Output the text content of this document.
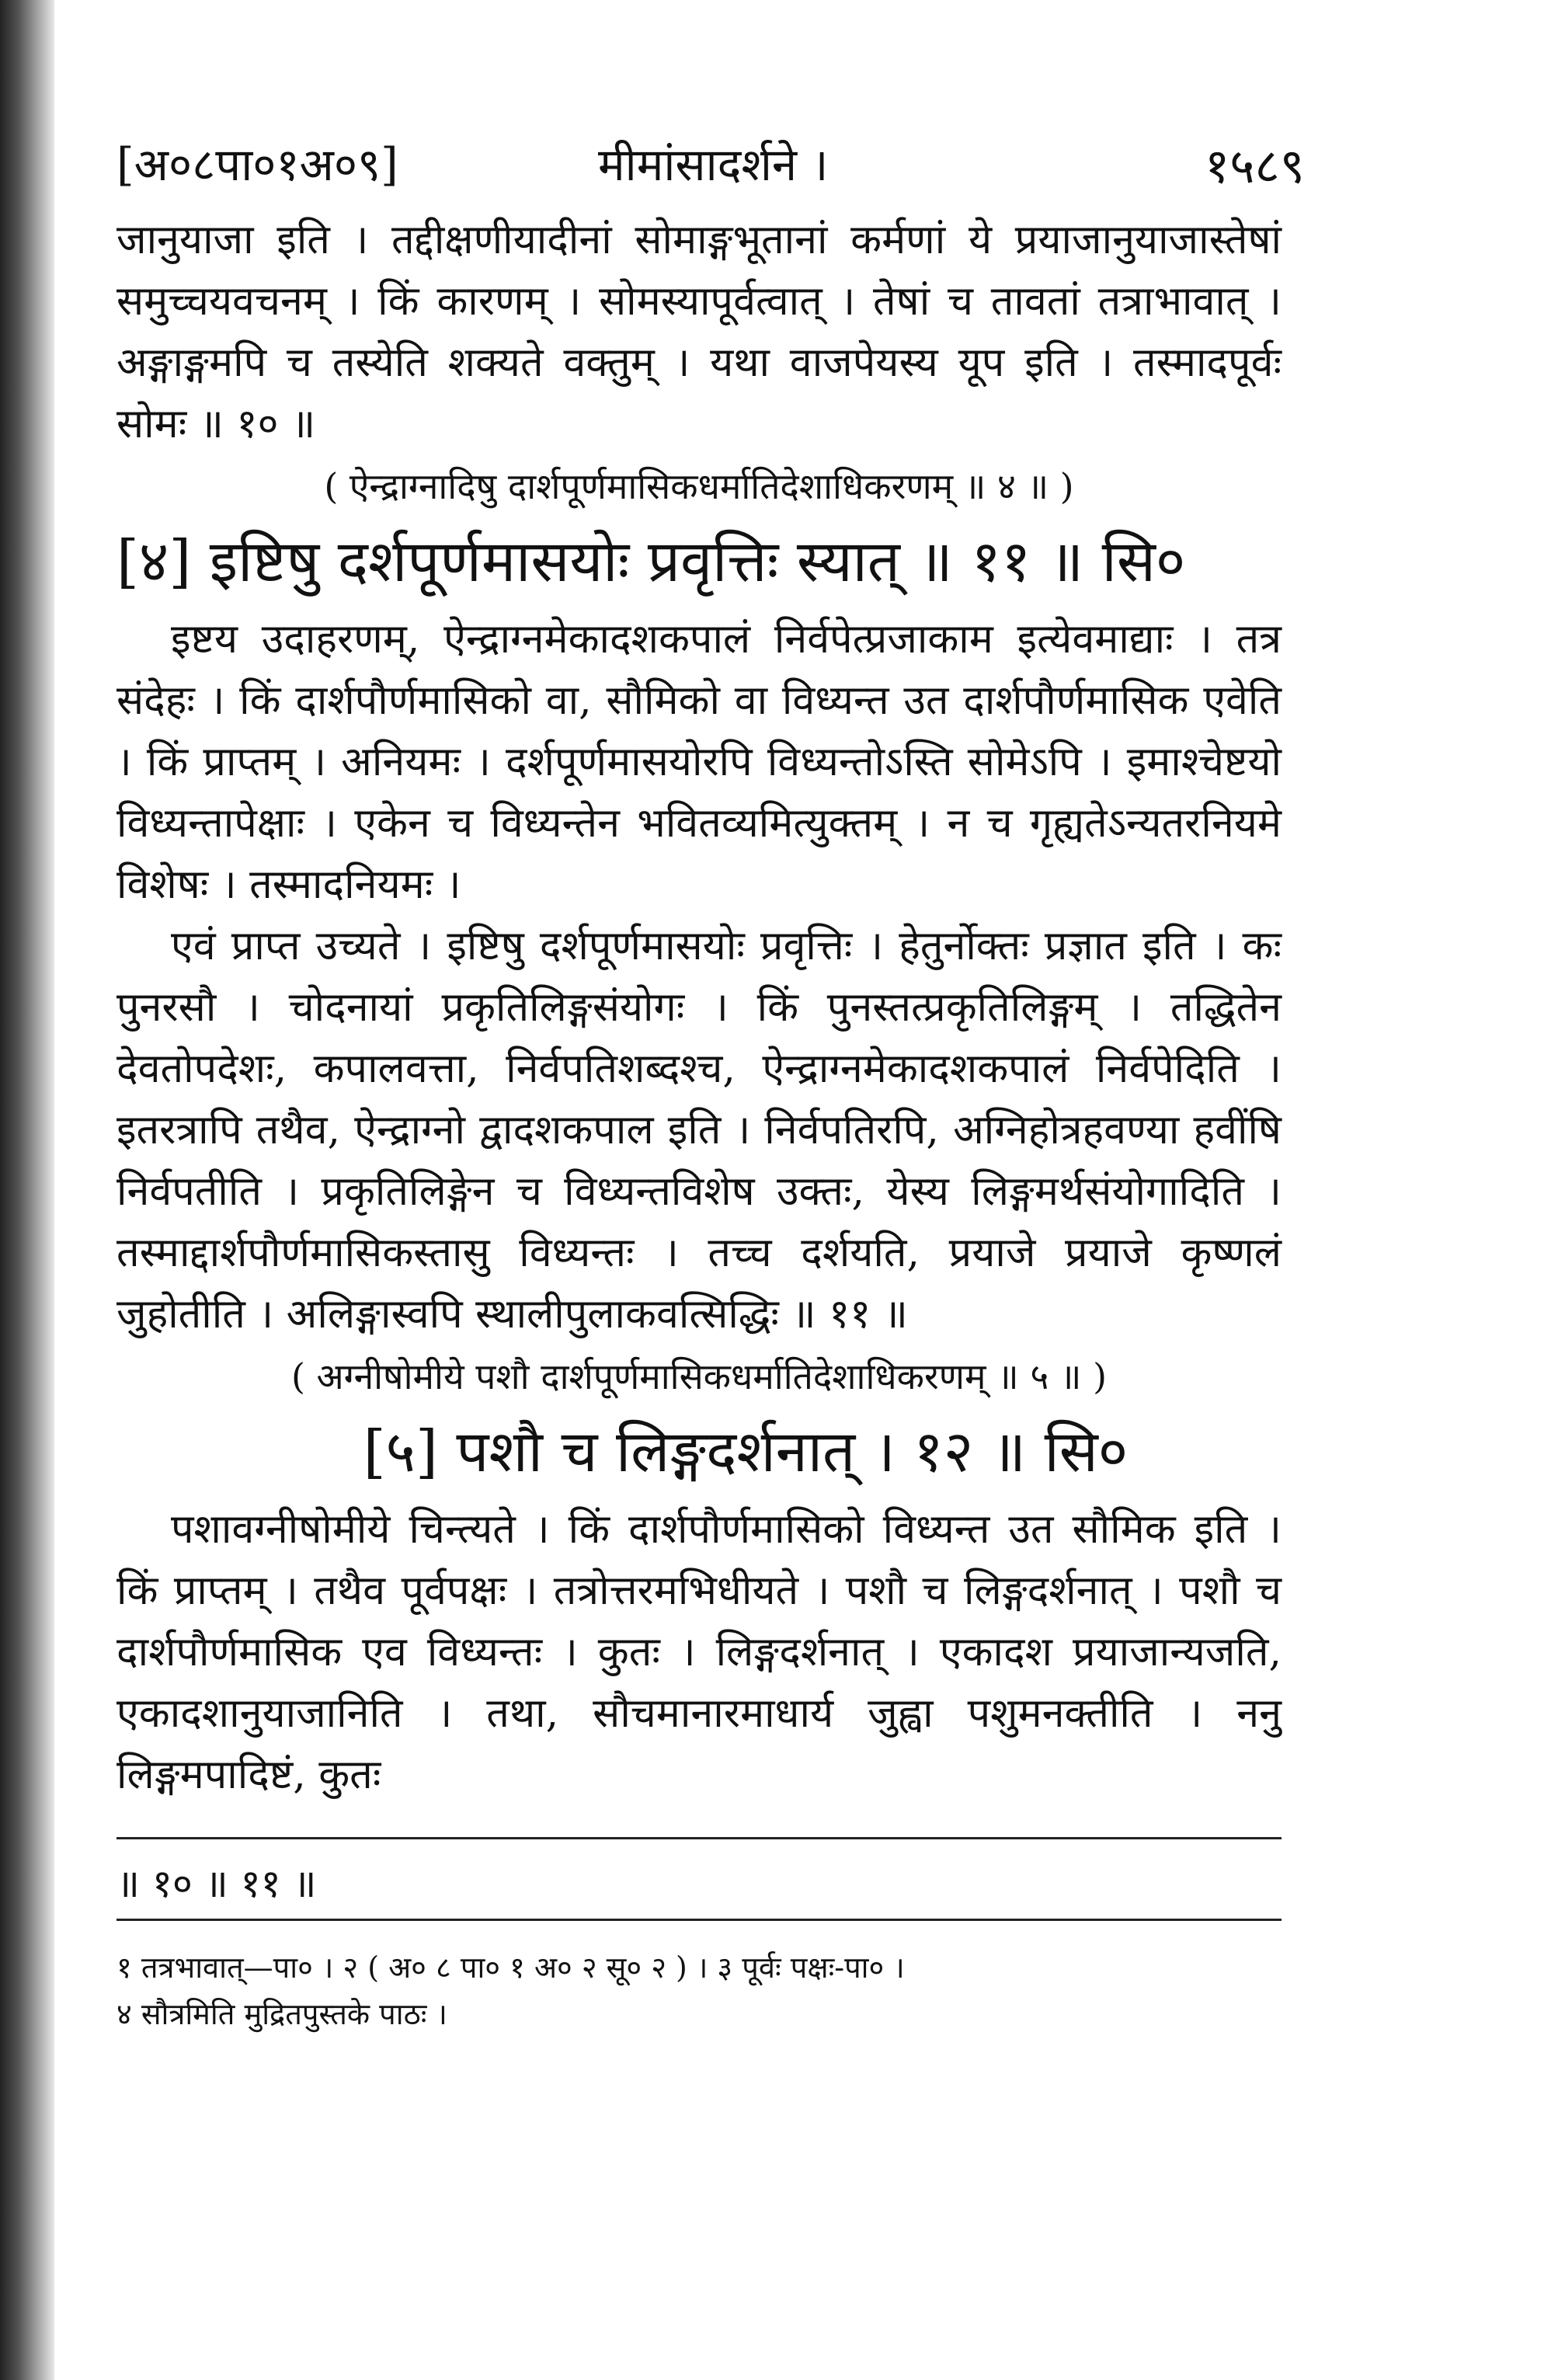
[अ०८पा०१अ०९]	मीमांसादर्शने ।	१५८९

जानुयाजा इति । तद्दीक्षणीयादीनां सोमाङ्गभूतानां कर्मणां ये प्रयाजानुयाजास्तेषां समुच्चयवचनम् । किं कारणम् । सोमस्यापूर्वत्वात् । तेषां च तावतां तत्राभावात् । अङ्गाङ्गमपि च तस्येति शक्यते वक्तुम् । यथा वाजपेयस्य यूप इति । तस्मादपूर्वः सोमः ॥ १० ॥

( ऐन्द्राग्नादिषु दार्शपूर्णमासिकधर्मातिदेशाधिकरणम् ॥ ४ ॥ )
[४] इष्टिषु दर्शपूर्णमासयोः प्रवृत्तिः स्यात् ॥ ११ ॥ सि०

इष्टय उदाहरणम्, ऐन्द्राग्नमेकादशकपालं निर्वपेत्प्रजाकाम इत्येवमाद्याः । तत्र संदेहः । किं दार्शपौर्णमासिको वा, सौमिको वा विध्यन्त उत दार्शपौर्णमासिक एवेति । किं प्राप्तम् । अनियमः । दर्शपूर्णमासयोरपि विध्यन्तोऽस्ति सोमेऽपि । इमाश्चेष्टयो विध्यन्तापेक्षाः । एकेन च विध्यन्तेन भवितव्यमित्युक्तम् । न च गृह्यतेऽन्यतरनियमे विशेषः । तस्मादनियमः ।

एवं प्राप्त उच्यते । इष्टिषु दर्शपूर्णमासयोः प्रवृत्तिः । हेतुर्नोक्तः प्रज्ञात इति । कः पुनरसौ । चोदनायां प्रकृतिलिङ्गसंयोगः । किं पुनस्तत्प्रकृतिलिङ्गम् । तद्धितेन देवतोपदेशः, कपालवत्ता, निर्वपतिशब्दश्च, ऐन्द्राग्नमेकादशकपालं निर्वपेदिति । इतरत्रापि तथैव, ऐन्द्राग्नो द्वादशकपाल इति । निर्वपतिरपि, अग्निहोत्रहवण्या हवींषि निर्वपतीति । प्रकृतिलिङ्गेन च विध्यन्तविशेष उक्तः, येस्य लिङ्गमर्थसंयोगादिति । तस्माद्दार्शपौर्णमासिकस्तासु विध्यन्तः । तच्च दर्शयति, प्रयाजे प्रयाजे कृष्णलं जुहोतीति । अलिङ्गास्वपि स्थालीपुलाकवत्सिद्धिः ॥ ११ ॥

( अग्नीषोमीये पशौ दार्शपूर्णमासिकधर्मातिदेशाधिकरणम् ॥ ५ ॥ )
[५] पशौ च लिङ्गदर्शनात् । १२ ॥ सि०

पशावग्नीषोमीये चिन्त्यते । किं दार्शपौर्णमासिको विध्यन्त उत सौमिक इति । किं प्राप्तम् । तथैव पूर्वपक्षः । तत्रोत्तरमभिधीयते । पशौ च लिङ्गदर्शनात् । पशौ च दार्शपौर्णमासिक एव विध्यन्तः । कुतः । लिङ्गदर्शनात् । एकादश प्रयाजान्यजति, एकादशानुयाजानिति । तथा, सौचमानारमाधार्य जुह्वा पशुमनक्तीति । ननु लिङ्गमपादिष्टं, कुतः

॥ १० ॥ ११ ॥
१ तत्रभावात्—पा० । २ ( अ० ८ पा० १ अ० २ सू० २ ) । ३ पूर्वः पक्षः-पा० ।
४ सौत्रमिति मुद्रितपुस्तके पाठः ।
